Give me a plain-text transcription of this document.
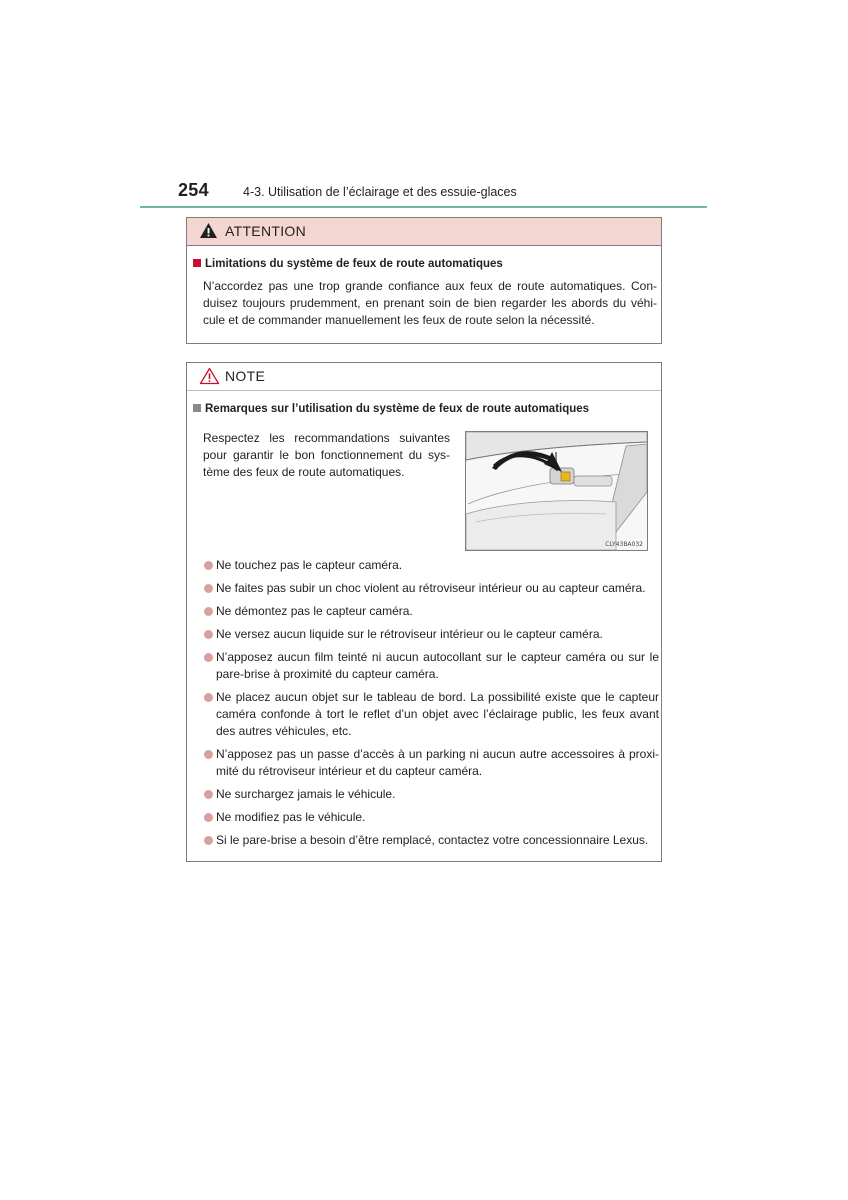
254	4-3. Utilisation de l’éclairage et des essuie-glaces
ATTENTION
Limitations du système de feux de route automatiques
N’accordez pas une trop grande confiance aux feux de route automatiques. Con-
duisez toujours prudemment, en prenant soin de bien regarder les abords du véhi-
cule et de commander manuellement les feux de route selon la nécessité.
NOTE
Remarques sur l’utilisation du système de feux de route automatiques
Respectez les recommandations suivantes
pour garantir le bon fonctionnement du sys-
tème des feux de route automatiques.
CLY43BA032
Ne touchez pas le capteur caméra.
Ne faites pas subir un choc violent au rétroviseur intérieur ou au capteur caméra.
Ne démontez pas le capteur caméra.
Ne versez aucun liquide sur le rétroviseur intérieur ou le capteur caméra.
N’apposez aucun film teinté ni aucun autocollant sur le capteur caméra ou sur le
pare-brise à proximité du capteur caméra.
Ne placez aucun objet sur le tableau de bord. La possibilité existe que le capteur
caméra confonde à tort le reflet d’un objet avec l’éclairage public, les feux avant
des autres véhicules, etc.
N’apposez pas un passe d’accès à un parking ni aucun autre accessoires à proxi-
mité du rétroviseur intérieur et du capteur caméra.
Ne surchargez jamais le véhicule.
Ne modifiez pas le véhicule.
Si le pare-brise a besoin d’être remplacé, contactez votre concessionnaire Lexus.
